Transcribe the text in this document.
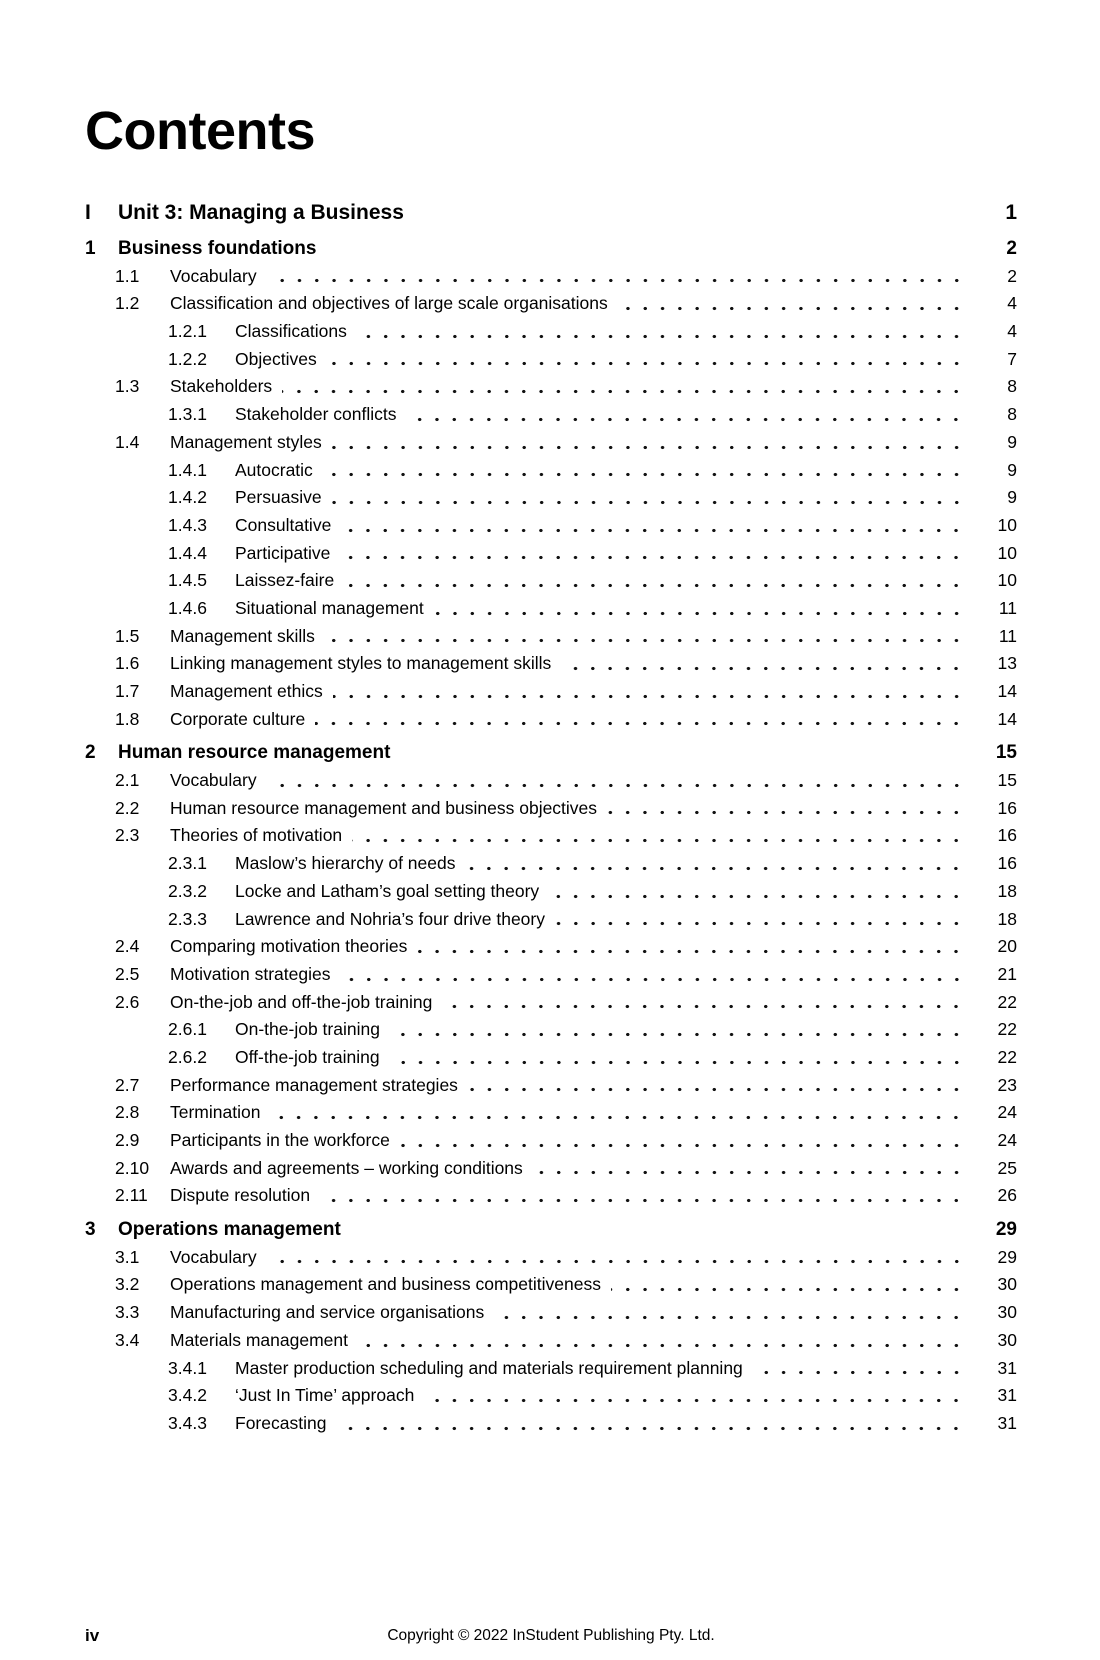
Contents
I	Unit 3: Managing a Business	1
1	Business foundations	2
1.1	Vocabulary	2
1.2	Classification and objectives of large scale organisations	4
1.2.1	Classifications	4
1.2.2	Objectives	7
1.3	Stakeholders	8
1.3.1	Stakeholder conflicts	8
1.4	Management styles	9
1.4.1	Autocratic	9
1.4.2	Persuasive	9
1.4.3	Consultative	10
1.4.4	Participative	10
1.4.5	Laissez-faire	10
1.4.6	Situational management	11
1.5	Management skills	11
1.6	Linking management styles to management skills	13
1.7	Management ethics	14
1.8	Corporate culture	14
2	Human resource management	15
2.1	Vocabulary	15
2.2	Human resource management and business objectives	16
2.3	Theories of motivation	16
2.3.1	Maslow’s hierarchy of needs	16
2.3.2	Locke and Latham’s goal setting theory	18
2.3.3	Lawrence and Nohria’s four drive theory	18
2.4	Comparing motivation theories	20
2.5	Motivation strategies	21
2.6	On-the-job and off-the-job training	22
2.6.1	On-the-job training	22
2.6.2	Off-the-job training	22
2.7	Performance management strategies	23
2.8	Termination	24
2.9	Participants in the workforce	24
2.10	Awards and agreements – working conditions	25
2.11	Dispute resolution	26
3	Operations management	29
3.1	Vocabulary	29
3.2	Operations management and business competitiveness	30
3.3	Manufacturing and service organisations	30
3.4	Materials management	30
3.4.1	Master production scheduling and materials requirement planning	31
3.4.2	‘Just In Time’ approach	31
3.4.3	Forecasting	31
iv	Copyright © 2022 InStudent Publishing Pty. Ltd.
